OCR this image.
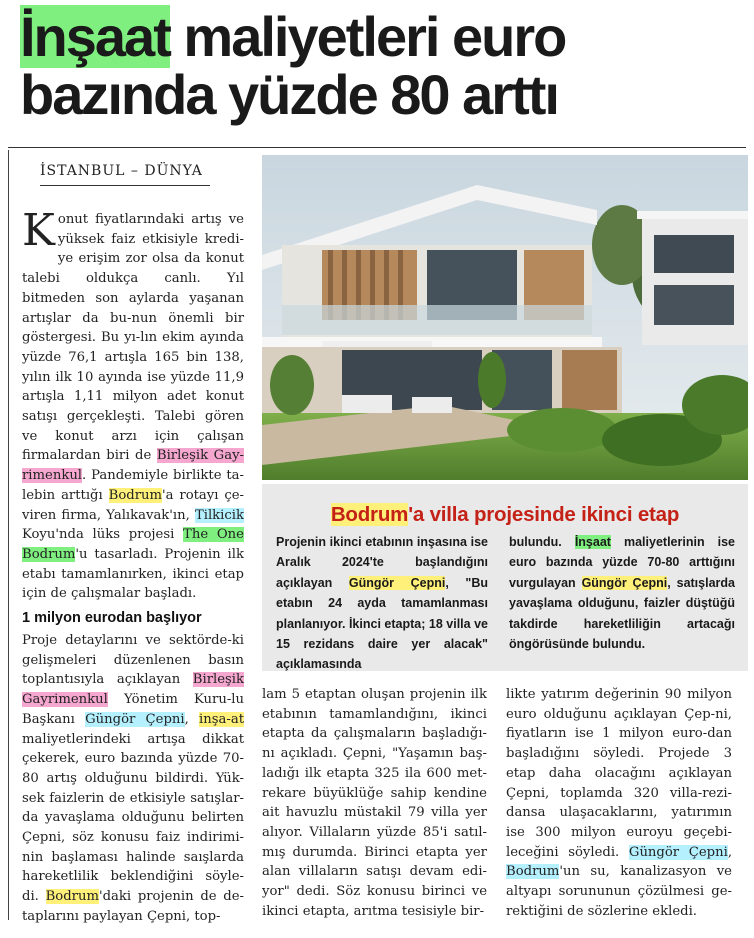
İnşaat maliyetleri euro
bazında yüzde 80 arttı
İSTANBUL – DÜNYA

Konut fiyatlarındaki artış ve yüksek faiz etkisiyle kredi-ye erişim zor olsa da konut talebi oldukça canlı. Yıl bitmeden son aylarda yaşanan artışlar da bu-nun önemli bir göstergesi. Bu yı-lın ekim ayında yüzde 76,1 artışla 165 bin 138, yılın ilk 10 ayında ise yüzde 11,9 artışla 1,11 milyon adet konut satışı gerçekleşti. Talebi gören ve konut arzı için çalışan firmalardan biri de Birleşik Gay-rimenkul. Pandemiyle birlikte ta-lebin arttığı Bodrum'a rotayı çe-viren firma, Yalıkavak'ın, Tilkicik Koyu'nda lüks projesi The One Bodrum'u tasarladı. Projenin ilk etabı tamamlanırken, ikinci etap için de çalışmalar başladı.

1 milyon eurodan başlıyor

Proje detaylarını ve sektörde-ki gelişmeleri düzenlenen basın toplantısıyla açıklayan Birleşik Gayrimenkul Yönetim Kuru-lu Başkanı Güngör Çepni, inşa-at maliyetlerindeki artışa dikkat çekerek, euro bazında yüzde 70-80 artış olduğunu bildirdi. Yük-sek faizlerin de etkisiyle satışlar-da yavaşlama olduğunu belirten Çepni, söz konusu faiz indirimi-nin başlaması halinde saışlarda hareketlilik beklendiğini söyle-di. Bodrum'daki projenin de de-taplarını paylayan Çepni, top-

Bodrum'a villa projesinde ikinci etap
Projenin ikinci etabının inşasına ise Aralık 2024'te başlandığını açıklayan Güngör Çepni, "Bu etabın 24 ayda tamamlanması planlanıyor. İkinci etapta; 18 villa ve 15 rezidans daire yer alacak" açıklamasında
bulundu. İnşaat maliyetlerinin ise euro bazında yüzde 70-80 arttığını vurgulayan Güngör Çepni, satışlarda yavaşlama olduğunu, faizler düştüğü takdirde hareketliliğin artacağı öngörüsünde bulundu.

lam 5 etaptan oluşan projenin ilk etabının tamamlandığını, ikinci etapta da çalışmaların başladığı-nı açıkladı. Çepni, "Yaşamın baş-ladığı ilk etapta 325 ila 600 met-rekare büyüklüğe sahip kendine ait havuzlu müstakil 79 villa yer alıyor. Villaların yüzde 85'i satıl-mış durumda. Birinci etapta yer alan villaların satışı devam edi-yor" dedi. Söz konusu birinci ve ikinci etapta, arıtma tesisiyle bir-

likte yatırım değerinin 90 milyon euro olduğunu açıklayan Çep-ni, fiyatların ise 1 milyon euro-dan başladığını söyledi. Projede 3 etap daha olacağını açıklayan Çepni, toplamda 320 villa-rezi-dansa ulaşacaklarını, yatırımın ise 300 milyon euroyu geçebi-leceğini söyledi. Güngör Çepni, Bodrum'un su, kanalizasyon ve altyapı sorununun çözülmesi ge-rektiğini de sözlerine ekledi.
